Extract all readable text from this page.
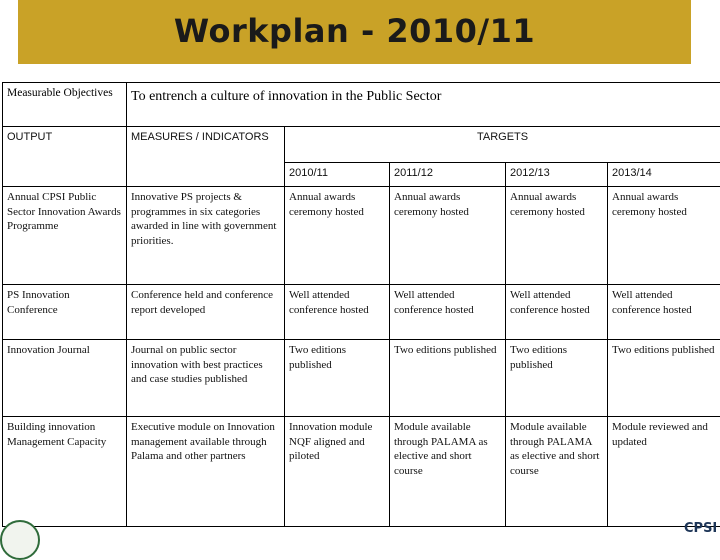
Workplan - 2010/11
Measurable Objectives	To entrench a culture of innovation in the Public Sector				
OUTPUT	MEASURES / INDICATORS	TARGETS			
		2010/11	2011/12	2012/13	2013/14
Annual CPSI Public Sector Innovation Awards Programme	Innovative PS projects & programmes in six categories awarded in line with government priorities.	Annual awards ceremony hosted	Annual awards ceremony hosted	Annual awards ceremony hosted	Annual awards ceremony hosted
PS Innovation Conference	Conference held and conference report developed	Well attended conference hosted	Well attended conference hosted	Well attended conference hosted	Well attended conference hosted
Innovation Journal	Journal on public sector innovation with best practices and case studies published	Two editions published	Two editions published	Two editions published	Two editions published
Building innovation Management Capacity	Executive module on Innovation management available through Palama and other partners	Innovation module NQF aligned and piloted	Module available through PALAMA as elective and short course	Module available through PALAMA as elective and short course	Module reviewed and updated
CPSI
